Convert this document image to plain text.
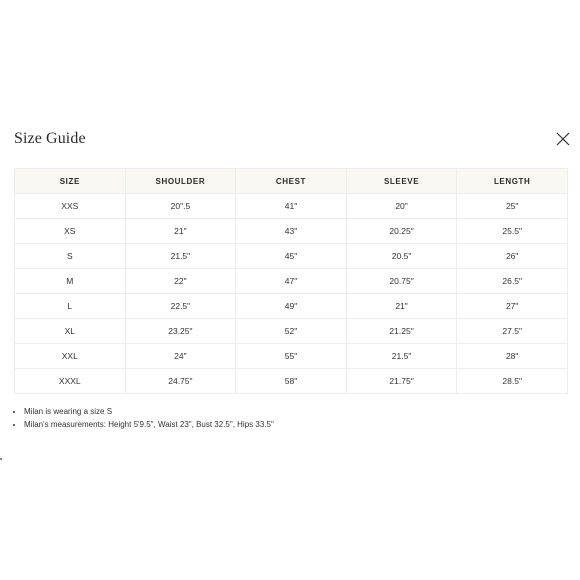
Size Guide
SIZE	SHOULDER	CHEST	SLEEVE	LENGTH
XXS	20".5	41"	20"	25"
XS	21"	43"	20.25"	25.5"
S	21.5"	45"	20.5"	26"
M	22"	47"	20.75"	26.5"
L	22.5"	49"	21"	27"
XL	23.25"	52"	21.25"	27.5"
XXL	24"	55"	21.5"	28"
XXXL	24.75"	58"	21.75"	28.5"
• Milan is wearing a size S
• Milan's measurements: Height 5'9.5", Waist 23", Bust 32.5", Hips 33.5"
